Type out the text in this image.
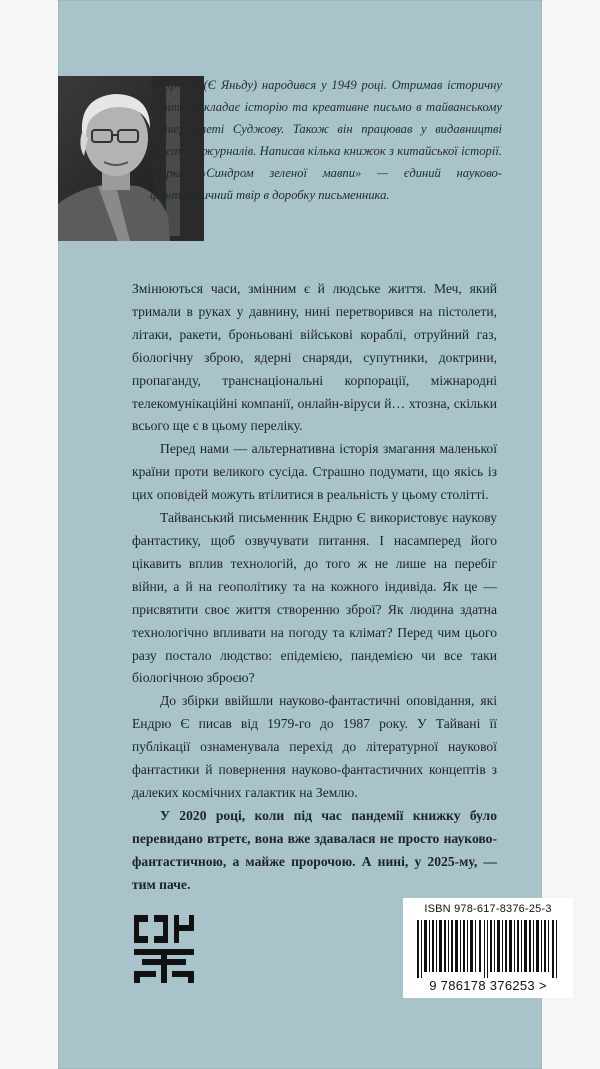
Ендрю Є (Є Яньду) народився у 1949 році. Отримав історичну освіту, викладає історію та креативне письмо в тайванському Університеті Суджову. Також він працював у видавництві газет та журналів. Написав кілька книжок з китайської історії. Збірка «Синдром зеленої мавпи» — єдиний науково-фантастичний твір в доробку письменника.

Змінюються часи, змінним є й людське життя. Меч, який тримали в руках у давнину, нині перетворився на пістолети, літаки, ракети, броньовані військові кораблі, отруйний газ, біологічну зброю, ядерні снаряди, супутники, доктрини, пропаганду, транснаціональні корпорації, міжнародні телекомунікаційні компанії, онлайн-віруси й… хтозна, скільки всього ще є в цьому переліку.

Перед нами — альтернативна історія змагання маленької країни проти великого сусіда. Страшно подумати, що якісь із цих оповідей можуть втілитися в реальність у цьому столітті.

Тайванський письменник Ендрю Є використовує наукову фантастику, щоб озвучувати питання. І насамперед його цікавить вплив технологій, до того ж не лише на перебіг війни, а й на геополітику та на кожного індивіда. Як це — присвятити своє життя створенню зброї? Як людина здатна технологічно впливати на погоду та клімат? Перед чим цього разу постало людство: епідемією, пандемією чи все таки біологічною зброєю?

До збірки ввійшли науково-фантастичні оповідання, які Ендрю Є писав від 1979-го до 1987 року. У Тайвані її публікації ознаменувала перехід до літературної наукової фантастики й повернення науково-фантастичних концептів з далеких космічних галактик на Землю.

У 2020 році, коли під час пандемії книжку було перевидано втретє, вона вже здавалася не просто науково-фантастичною, а майже пророчою. А нині, у 2025-му, — тим паче.

ISBN 978-617-8376-25-3
9 786178 376253 >
